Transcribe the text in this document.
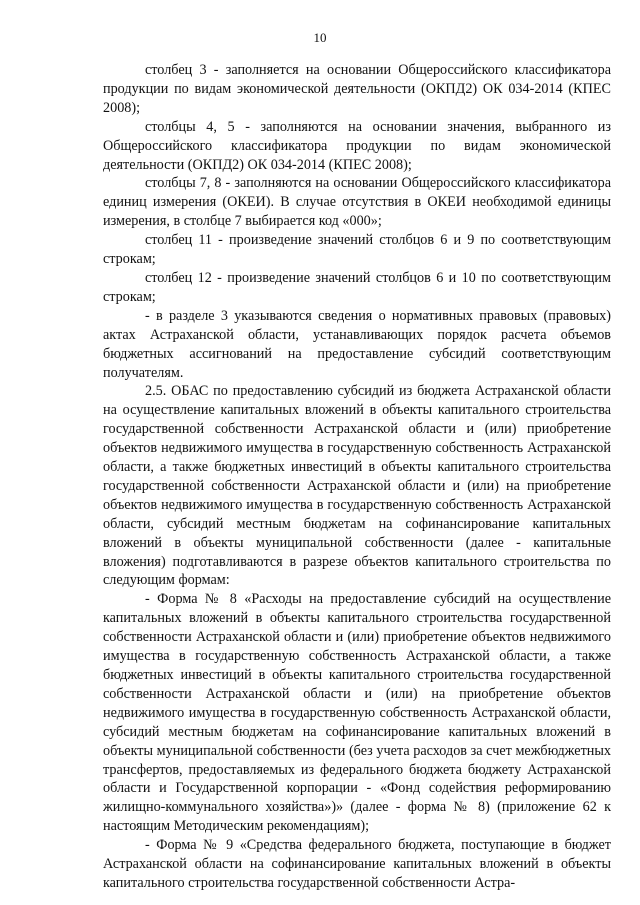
10

столбец 3 - заполняется на основании Общероссийского классификатора продукции по видам экономической деятельности (ОКПД2) ОК 034-2014 (КПЕС 2008);

столбцы 4, 5 - заполняются на основании значения, выбранного из Общероссийского классификатора продукции по видам экономической деятельности (ОКПД2) ОК 034-2014 (КПЕС 2008);

столбцы 7, 8 - заполняются на основании Общероссийского классификатора единиц измерения (ОКЕИ). В случае отсутствия в ОКЕИ необходимой единицы измерения, в столбце 7 выбирается код «000»;

столбец 11 - произведение значений столбцов 6 и 9 по соответствующим строкам;

столбец 12 - произведение значений столбцов 6 и 10 по соответствующим строкам;

- в разделе 3 указываются сведения о нормативных правовых (правовых) актах Астраханской области, устанавливающих порядок расчета объемов бюджетных ассигнований на предоставление субсидий соответствующим получателям.

2.5. ОБАС по предоставлению субсидий из бюджета Астраханской области на осуществление капитальных вложений в объекты капитального строительства государственной собственности Астраханской области и (или) приобретение объектов недвижимого имущества в государственную собственность Астраханской области, а также бюджетных инвестиций в объекты капитального строительства государственной собственности Астраханской области и (или) на приобретение объектов недвижимого имущества в государственную собственность Астраханской области, субсидий местным бюджетам на софинансирование капитальных вложений в объекты муниципальной собственности (далее - капитальные вложения) подготавливаются в разрезе объектов капитального строительства по следующим формам:

- Форма № 8 «Расходы на предоставление субсидий на осуществление капитальных вложений в объекты капитального строительства государственной собственности Астраханской области и (или) приобретение объектов недвижимого имущества в государственную собственность Астраханской области, а также бюджетных инвестиций в объекты капитального строительства государственной собственности Астраханской области и (или) на приобретение объектов недвижимого имущества в государственную собственность Астраханской области, субсидий местным бюджетам на софинансирование капитальных вложений в объекты муниципальной собственности (без учета расходов за счет межбюджетных трансфертов, предоставляемых из федерального бюджета бюджету Астраханской области и Государственной корпорации - «Фонд содействия реформированию жилищно-коммунального хозяйства»)» (далее - форма № 8) (приложение 62 к настоящим Методическим рекомендациям);

- Форма № 9 «Средства федерального бюджета, поступающие в бюджет Астраханской области на софинансирование капитальных вложений в объекты капитального строительства государственной собственности Астра-
